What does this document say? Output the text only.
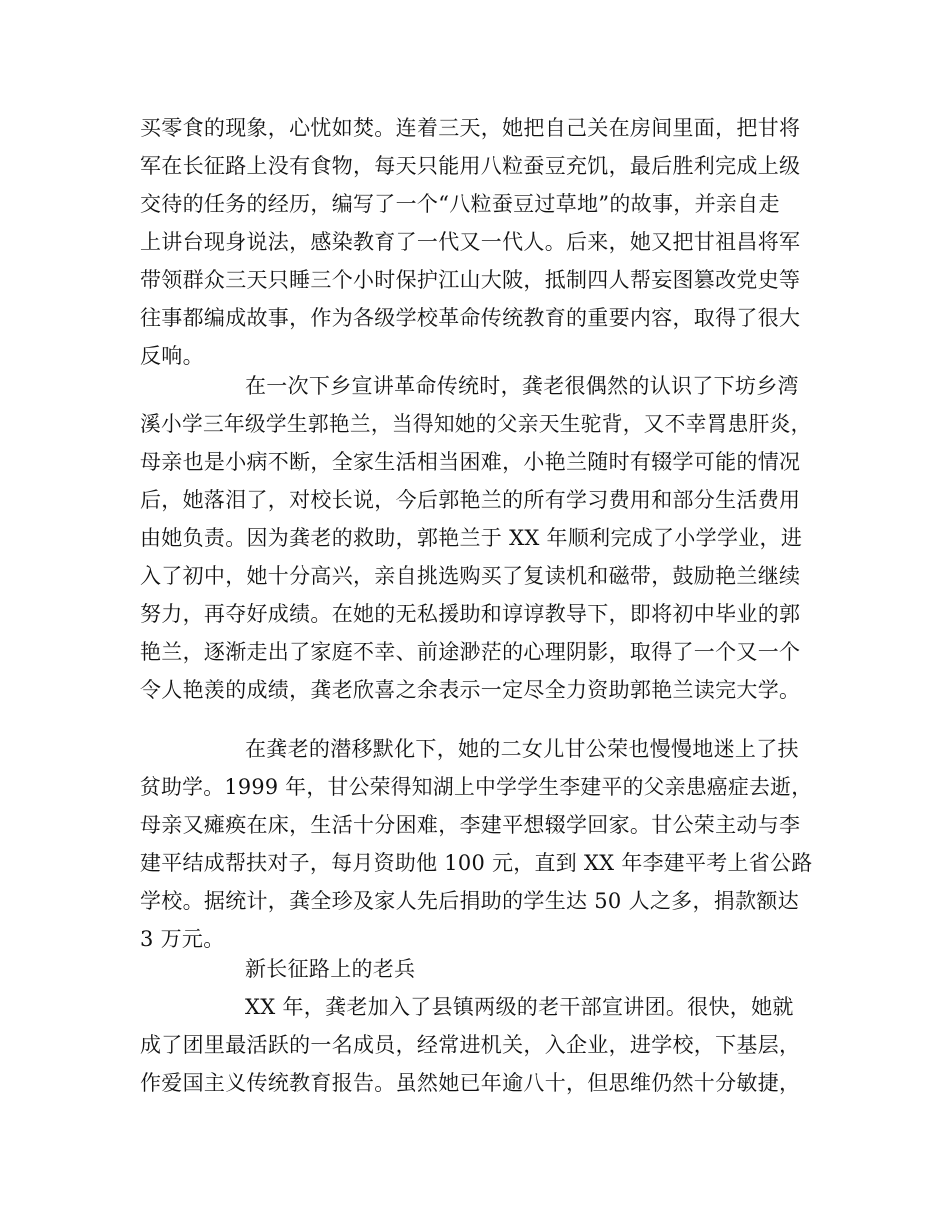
买零食的现象，心忧如焚。连着三天，她把自己关在房间里面，把甘将
军在长征路上没有食物，每天只能用八粒蚕豆充饥，最后胜利完成上级
交待的任务的经历，编写了一个“八粒蚕豆过草地”的故事，并亲自走
上讲台现身说法，感染教育了一代又一代人。后来，她又把甘祖昌将军
带领群众三天只睡三个小时保护江山大陂，抵制四人帮妄图篡改党史等
往事都编成故事，作为各级学校革命传统教育的重要内容，取得了很大
反响。
在一次下乡宣讲革命传统时，龚老很偶然的认识了下坊乡湾
溪小学三年级学生郭艳兰，当得知她的父亲天生驼背，又不幸罥患肝炎，
母亲也是小病不断，全家生活相当困难，小艳兰随时有辍学可能的情况
后，她落泪了，对校长说，今后郭艳兰的所有学习费用和部分生活费用
由她负责。因为龚老的救助，郭艳兰于 XX 年顺利完成了小学学业，进
入了初中，她十分高兴，亲自挑选购买了复读机和磁带，鼓励艳兰继续
努力，再夺好成绩。在她的无私援助和谆谆教导下，即将初中毕业的郭
艳兰，逐渐走出了家庭不幸、前途渺茫的心理阴影，取得了一个又一个
令人艳羡的成绩，龚老欣喜之余表示一定尽全力资助郭艳兰读完大学。
在龚老的潜移默化下，她的二女儿甘公荣也慢慢地迷上了扶
贫助学。1999 年，甘公荣得知湖上中学学生李建平的父亲患癌症去逝，
母亲又瘫痪在床，生活十分困难，李建平想辍学回家。甘公荣主动与李
建平结成帮扶对子，每月资助他 100 元，直到 XX 年李建平考上省公路
学校。据统计，龚全珍及家人先后捐助的学生达 50 人之多，捐款额达
3 万元。
新长征路上的老兵
XX 年，龚老加入了县镇两级的老干部宣讲团。很快，她就
成了团里最活跃的一名成员，经常进机关，入企业，进学校，下基层，
作爱国主义传统教育报告。虽然她已年逾八十，但思维仍然十分敏捷，
